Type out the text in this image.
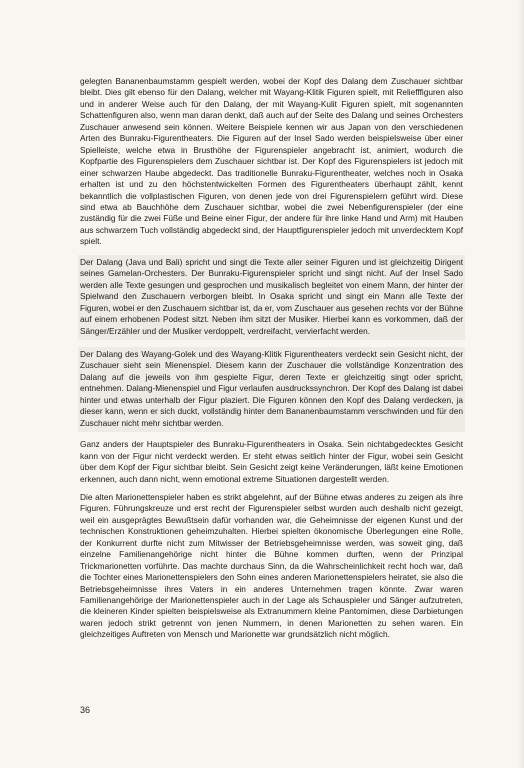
gelegten Bananenbaumstamm gespielt werden, wobei der Kopf des Dalang dem Zuschauer sichtbar bleibt. Dies gilt ebenso für den Dalang, welcher mit Wayang-Klitik Figuren spielt, mit Reliefffiguren also und in anderer Weise auch für den Dalang, der mit Wayang-Kulit Figuren spielt, mit sogenannten Schattenfiguren also, wenn man daran denkt, daß auch auf der Seite des Dalang und seines Orchesters Zuschauer anwesend sein können. Weitere Beispiele kennen wir aus Japan von den verschiedenen Arten des Bunraku-Figurentheaters. Die Figuren auf der Insel Sado werden beispielsweise über einer Spielleiste, welche etwa in Brusthöhe der Figurenspieler angebracht ist, animiert, wodurch die Kopfpartie des Figurenspielers dem Zuschauer sichtbar ist. Der Kopf des Figurenspielers ist jedoch mit einer schwarzen Haube abgedeckt. Das traditionelle Bunraku-Figurentheater, welches noch in Osaka erhalten ist und zu den höchstentwickelten Formen des Figurentheaters überhaupt zählt, kennt bekanntlich die vollplastischen Figuren, von denen jede von drei Figurenspielern geführt wird. Diese sind etwa ab Bauchhöhe dem Zuschauer sichtbar, wobei die zwei Nebenfigurenspieler (der eine zuständig für die zwei Füße und Beine einer Figur, der andere für ihre linke Hand und Arm) mit Hauben aus schwarzem Tuch vollständig abgedeckt sind, der Hauptfigurenspieler jedoch mit unverdecktem Kopf spielt.

Der Dalang (Java und Bali) spricht und singt die Texte aller seiner Figuren und ist gleichzeitig Dirigent seines Gamelan-Orchesters. Der Bunraku-Figurenspieler spricht und singt nicht. Auf der Insel Sado werden alle Texte gesungen und gesprochen und musikalisch begleitet von einem Mann, der hinter der Spielwand den Zuschauern verborgen bleibt. In Osaka spricht und singt ein Mann alle Texte der Figuren, wobei er den Zuschauern sichtbar ist, da er, vom Zuschauer aus gesehen rechts vor der Bühne auf einem erhobenen Podest sitzt. Neben ihm sitzt der Musiker. Hierbei kann es vorkommen, daß der Sänger/Erzähler und der Musiker verdoppelt, verdreifacht, vervierfacht werden.

Der Dalang des Wayang-Golek und des Wayang-Klitik Figurentheaters verdeckt sein Gesicht nicht, der Zuschauer sieht sein Mienenspiel. Diesem kann der Zuschauer die vollständige Konzentration des Dalang auf die jeweils von ihm gespielte Figur, deren Texte er gleichzeitig singt oder spricht, entnehmen. Dalang-Mienenspiel und Figur verlaufen ausdruckssynchron. Der Kopf des Dalang ist dabei hinter und etwas unterhalb der Figur plaziert. Die Figuren können den Kopf des Dalang verdecken, ja dieser kann, wenn er sich duckt, vollständig hinter dem Bananenbaumstamm verschwinden und für den Zuschauer nicht mehr sichtbar werden.

Ganz anders der Hauptspieler des Bunraku-Figurentheaters in Osaka. Sein nichtabgedecktes Gesicht kann von der Figur nicht verdeckt werden. Er steht etwas seitlich hinter der Figur, wobei sein Gesicht über dem Kopf der Figur sichtbar bleibt. Sein Gesicht zeigt keine Veränderungen, läßt keine Emotionen erkennen, auch dann nicht, wenn emotional extreme Situationen dargestellt werden.

Die alten Marionettenspieler haben es strikt abgelehnt, auf der Bühne etwas anderes zu zeigen als ihre Figuren. Führungskreuze und erst recht der Figurenspieler selbst wurden auch deshalb nicht gezeigt, weil ein ausgeprägtes Bewußtsein dafür vorhanden war, die Geheimnisse der eigenen Kunst und der technischen Konstruktionen geheimzuhalten. Hierbei spielten ökonomische Überlegungen eine Rolle, der Konkurrent durfte nicht zum Mitwisser der Betriebsgeheimnisse werden, was soweit ging, daß einzelne Familienangehörige nicht hinter die Bühne kommen durften, wenn der Prinzipal Trickmarionetten vorführte. Das machte durchaus Sinn, da die Wahrscheinlichkeit recht hoch war, daß die Tochter eines Marionettenspielers den Sohn eines anderen Marionettenspielers heiratet, sie also die Betriebsgeheimnisse ihres Vaters in ein anderes Unternehmen tragen könnte. Zwar waren Familienangehörige der Marionettenspieler auch in der Lage als Schauspieler und Sänger aufzutreten, die kleineren Kinder spielten beispielsweise als Extranummern kleine Pantomimen, diese Darbietungen waren jedoch strikt getrennt von jenen Nummern, in denen Marionetten zu sehen waren. Ein gleichzeitiges Auftreten von Mensch und Marionette war grundsätzlich nicht möglich.

36
